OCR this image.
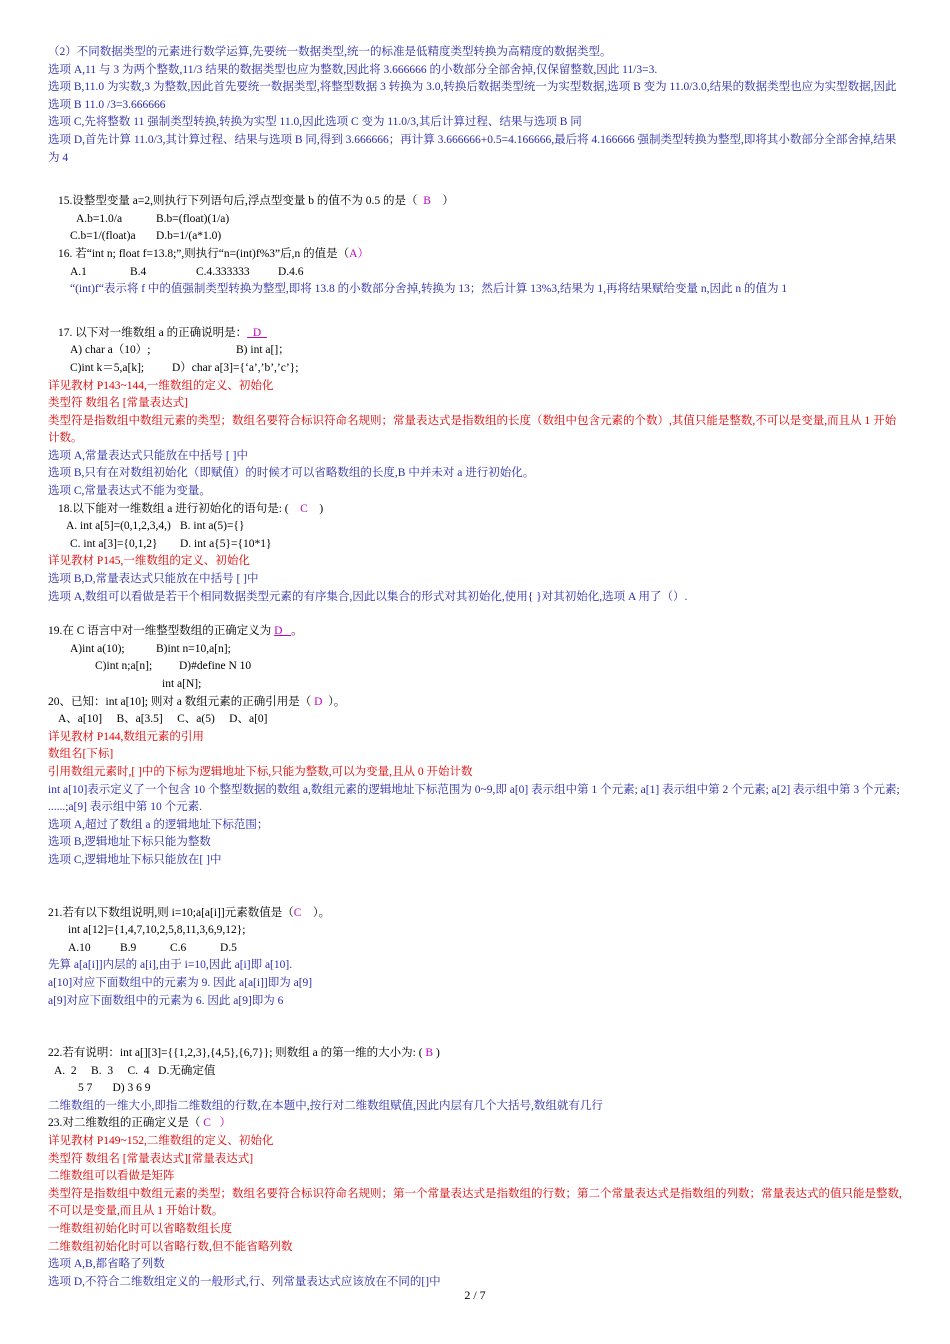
（2）不同数据类型的元素进行数学运算,先要统一数据类型,统一的标准是低精度类型转换为高精度的数据类型。
选项 A,11 与 3 为两个整数,11/3 结果的数据类型也应为整数,因此将 3.666666 的小数部分全部舍掉,仅保留整数,因此 11/3=3.
选项 B,11.0 为实数,3 为整数,因此首先要统一数据类型,将整型数据 3 转换为 3.0,转换后数据类型统一为实型数据,选项 B 变为 11.0/3.0,结果的数据类型也应为实型数据,因此选项 B 11.0 /3=3.666666
选项 C,先将整数 11 强制类型转换,转换为实型 11.0,因此选项 C 变为 11.0/3,其后计算过程、结果与选项 B 同
选项 D,首先计算 11.0/3,其计算过程、结果与选项 B 同,得到 3.666666；再计算 3.666666+0.5=4.166666,最后将 4.166666 强制类型转换为整型,即将其小数部分全部舍掉,结果为 4
15.设整型变量 a=2,则执行下列语句后,浮点型变量 b 的值不为 0.5 的是（ B ）
A.b=1.0/a	B.b=(float)(1/a)
C.b=1/(float)a D.b=1/(a*1.0)
16. 若“int n; float f=13.8;”,则执行“n=(int)f%3”后,n 的值是（A）
A.1	B.4	C.4.333333 D.4.6
“(int)f“表示将 f 中的值强制类型转换为整型,即将 13.8 的小数部分舍掉,转换为 13；然后计算 13%3,结果为 1,再将结果赋给变量 n,因此 n 的值为 1
17. 以下对一维数组 a 的正确说明是： D
A) char a（10）;	B) int a[]；
C)int k＝5,a[k]; D）char a[3]={‘a’,’b’,’c’};
详见教材 P143~144,一维数组的定义、初始化
类型符 数组名 [常量表达式]
类型符是指数组中数组元素的类型；数组名要符合标识符命名规则；常量表达式是指数组的长度（数组中包含元素的个数）,其值只能是整数,不可以是变量,而且从 1 开始计数。
选项 A,常量表达式只能放在中括号 [ ]中
选项 B,只有在对数组初始化（即赋值）的时候才可以省略数组的长度,B 中并未对 a 进行初始化。
选项 C,常量表达式不能为变量。
18.以下能对一维数组 a 进行初始化的语句是: ( C )
A. int a[5]=(0,1,2,3,4,) B. int a(5)={}
C. int a[3]={0,1,2} D. int a{5}={10*1}
详见教材 P145,一维数组的定义、初始化
选项 B,D,常量表达式只能放在中括号 [ ]中
选项 A,数组可以看做是若干个相同数据类型元素的有序集合,因此以集合的形式对其初始化,使用{ }对其初始化,选项 A 用了（）.
19.在 C 语言中对一维整型数组的正确定义为 D 。
A)int a(10);	B)int n=10,a[n];
C)int n;a[n]; D)#define N 10
int a[N];
20、已知：int a[10]; 则对 a 数组元素的正确引用是（ D ）。
A、a[10]     B、a[3.5]     C、a(5)     D、a[0]
详见教材 P144,数组元素的引用
数组名[下标]
引用数组元素时,[ ]中的下标为逻辑地址下标,只能为整数,可以为变量,且从 0 开始计数
int a[10]表示定义了一个包含 10 个整型数据的数组 a,数组元素的逻辑地址下标范围为 0~9,即 a[0] 表示组中第 1 个元素; a[1] 表示组中第 2 个元素; a[2] 表示组中第 3 个元素; ......;a[9] 表示组中第 10 个元素.
选项 A,超过了数组 a 的逻辑地址下标范围；
选项 B,逻辑地址下标只能为整数
选项 C,逻辑地址下标只能放在[ ]中
21.若有以下数组说明,则 i=10;a[a[i]]元素数值是（C ）。
int a[12]={1,4,7,10,2,5,8,11,3,6,9,12};
A.10	B.9	C.6	D.5
先算 a[a[i]]内层的 a[i],由于 i=10,因此 a[i]即 a[10].
a[10]对应下面数组中的元素为 9. 因此 a[a[i]]即为 a[9]
a[9]对应下面数组中的元素为 6. 因此 a[9]即为 6
22.若有说明：int a[][3]={{1,2,3},{4,5},{6,7}}; 则数组 a 的第一维的大小为: ( B )
A.  2     B.  3     C.  4   D.无确定值
5 7       D) 3 6 9
二维数组的一维大小,即指二维数组的行数,在本题中,按行对二维数组赋值,因此内层有几个大括号,数组就有几行
23.对二维数组的正确定义是（ C ）
详见教材 P149~152,二维数组的定义、初始化
类型符 数组名 [常量表达式][常量表达式]
二维数组可以看做是矩阵
类型符是指数组中数组元素的类型；数组名要符合标识符命名规则；第一个常量表达式是指数组的行数；第二个常量表达式是指数组的列数；常量表达式的值只能是整数,不可以是变量,而且从 1 开始计数。
一维数组初始化时可以省略数组长度
二维数组初始化时可以省略行数,但不能省略列数
选项 A,B,都省略了列数
选项 D,不符合二维数组定义的一般形式,行、列常量表达式应该放在不同的[]中
2 / 7
